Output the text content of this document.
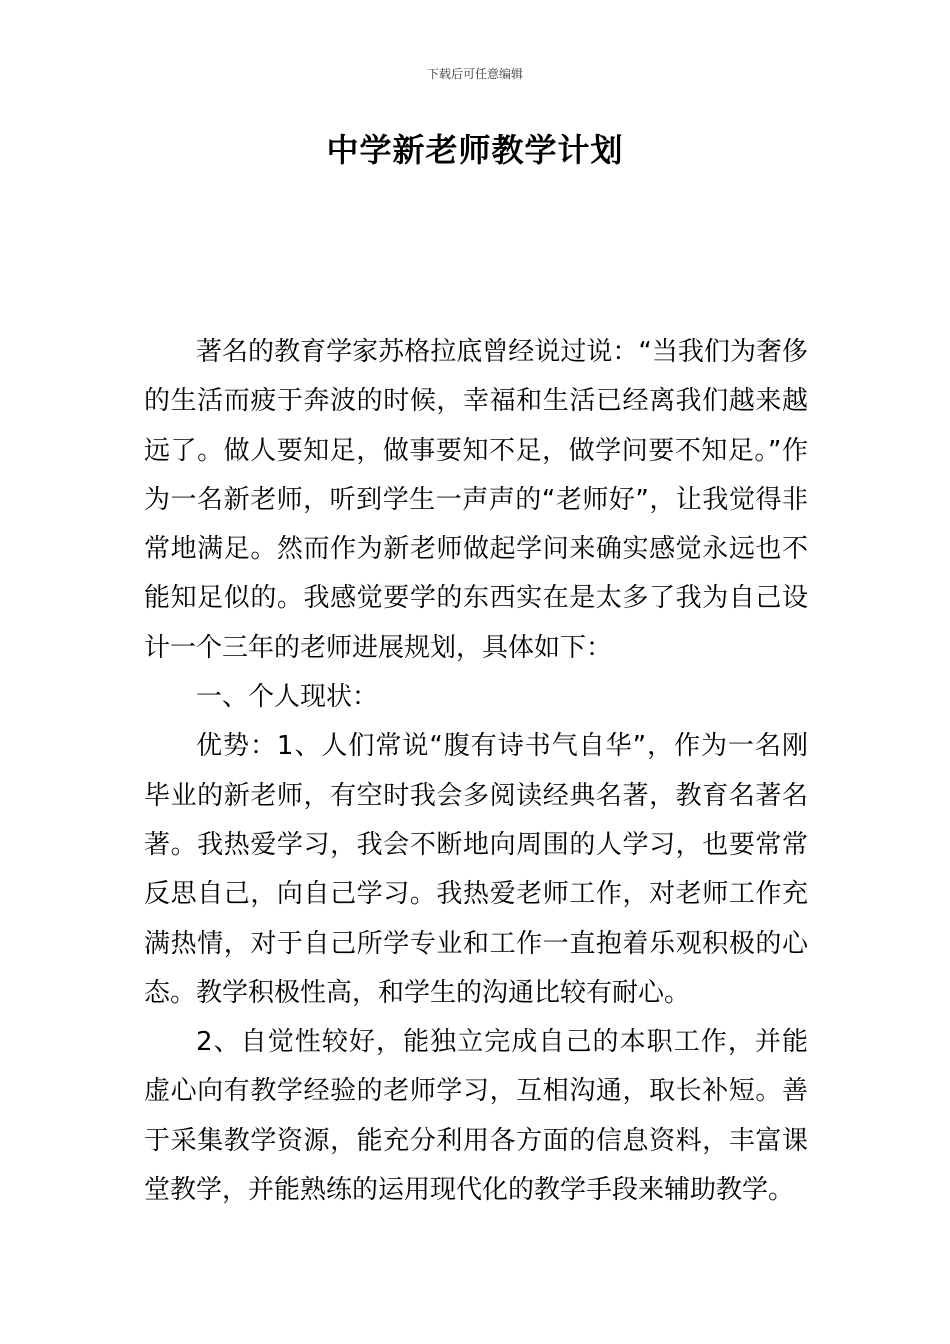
下载后可任意编辑
中学新老师教学计划

著名的教育学家苏格拉底曾经说过说：“当我们为奢侈的生活而疲于奔波的时候，幸福和生活已经离我们越来越远了。做人要知足，做事要知不足，做学问要不知足。”作为一名新老师，听到学生一声声的“老师好”，让我觉得非常地满足。然而作为新老师做起学问来确实感觉永远也不能知足似的。我感觉要学的东西实在是太多了我为自己设计一个三年的老师进展规划，具体如下：

一、个人现状：

优势：1、人们常说“腹有诗书气自华”，作为一名刚毕业的新老师，有空时我会多阅读经典名著，教育名著名著。我热爱学习，我会不断地向周围的人学习，也要常常反思自己，向自己学习。我热爱老师工作，对老师工作充满热情，对于自己所学专业和工作一直抱着乐观积极的心态。教学积极性高，和学生的沟通比较有耐心。

2、自觉性较好，能独立完成自己的本职工作，并能虚心向有教学经验的老师学习，互相沟通，取长补短。善于采集教学资源，能充分利用各方面的信息资料，丰富课堂教学，并能熟练的运用现代化的教学手段来辅助教学。
